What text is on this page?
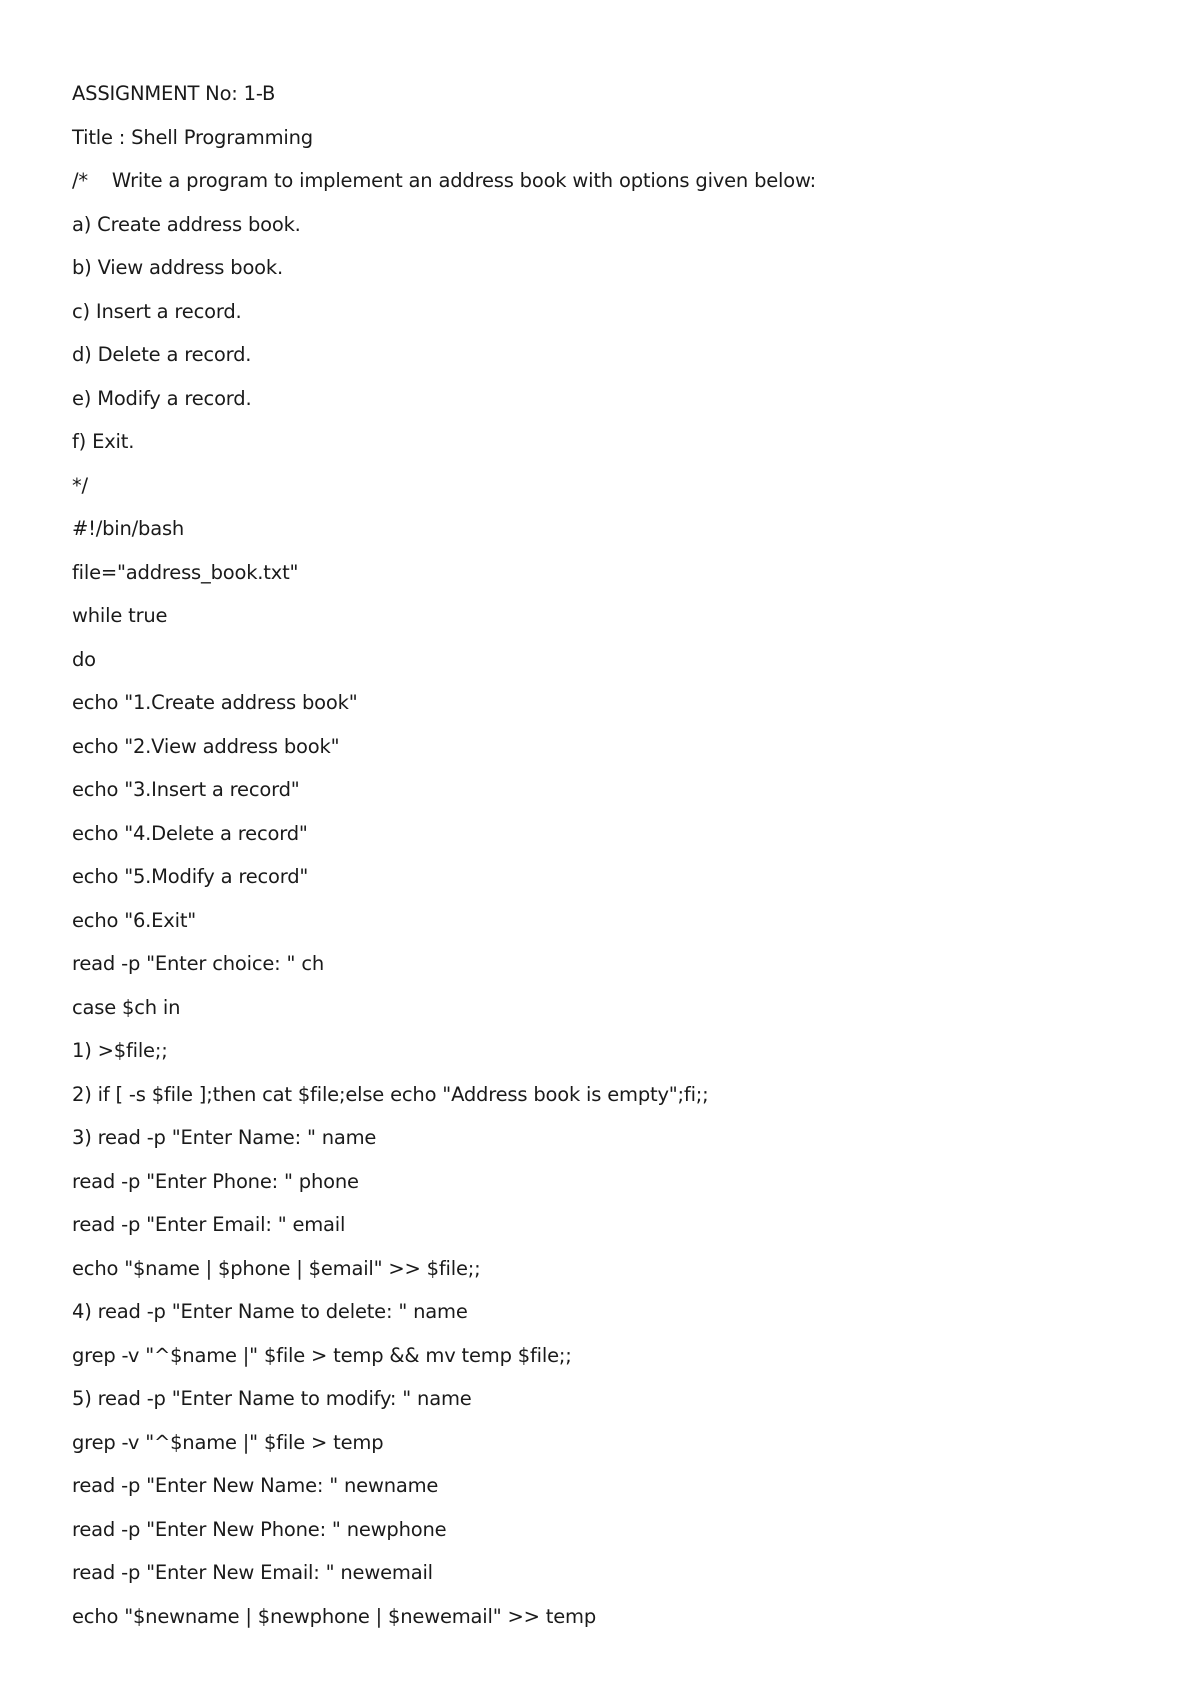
ASSIGNMENT No: 1-B
Title : Shell Programming
/*    Write a program to implement an address book with options given below:
a) Create address book.
b) View address book.
c) Insert a record.
d) Delete a record.
e) Modify a record.
f) Exit.
*/
#!/bin/bash
file="address_book.txt"
while true
do
echo "1.Create address book"
echo "2.View address book"
echo "3.Insert a record"
echo "4.Delete a record"
echo "5.Modify a record"
echo "6.Exit"
read -p "Enter choice: " ch
case $ch in
1) >$file;;
2) if [ -s $file ];then cat $file;else echo "Address book is empty";fi;;
3) read -p "Enter Name: " name
read -p "Enter Phone: " phone
read -p "Enter Email: " email
echo "$name | $phone | $email" >> $file;;
4) read -p "Enter Name to delete: " name
grep -v "^$name |" $file > temp && mv temp $file;;
5) read -p "Enter Name to modify: " name
grep -v "^$name |" $file > temp
read -p "Enter New Name: " newname
read -p "Enter New Phone: " newphone
read -p "Enter New Email: " newemail
echo "$newname | $newphone | $newemail" >> temp
